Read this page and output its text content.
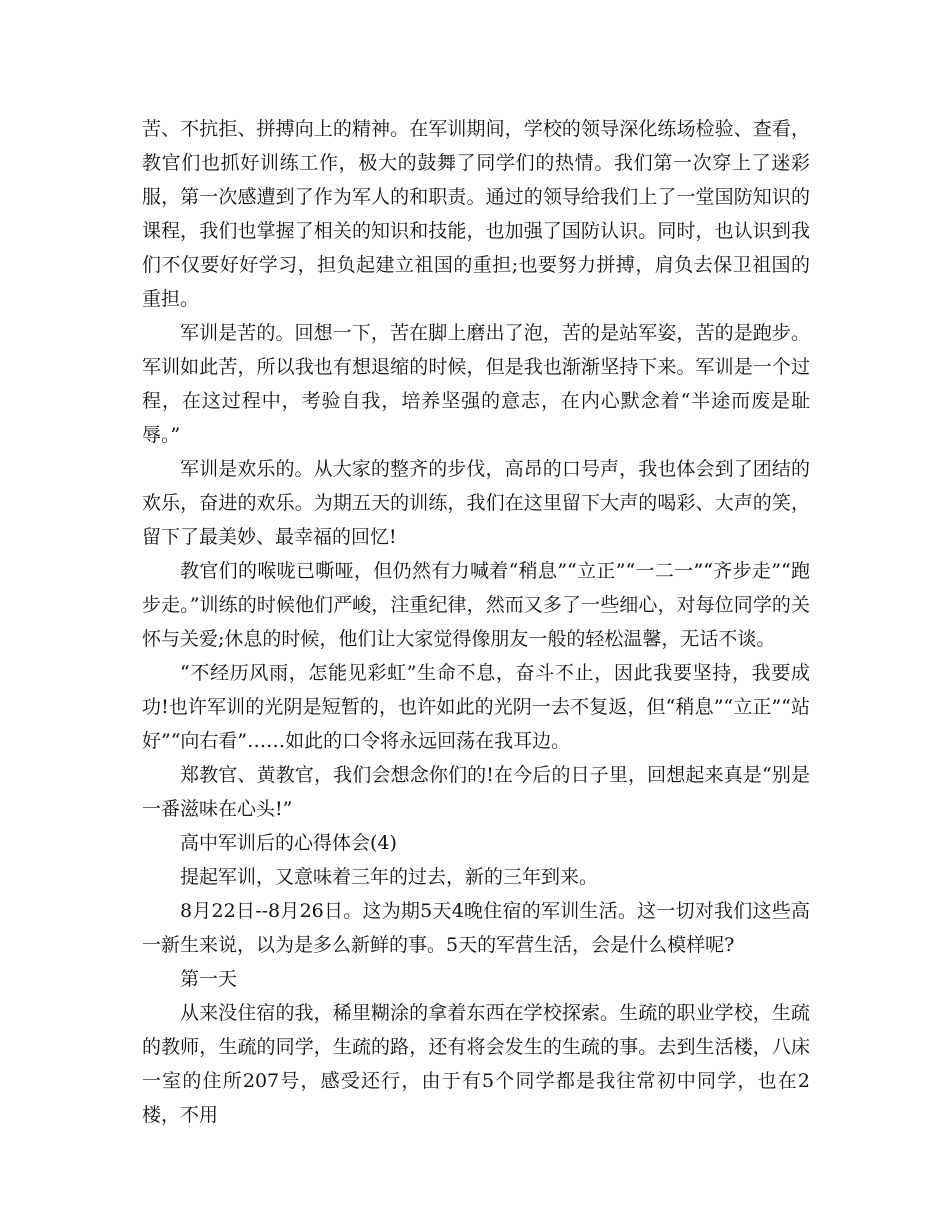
苦、不抗拒、拼搏向上的精神。在军训期间，学校的领导深化练场检验、查看，教官们也抓好训练工作，极大的鼓舞了同学们的热情。我们第一次穿上了迷彩服，第一次感遭到了作为军人的和职责。通过的领导给我们上了一堂国防知识的课程，我们也掌握了相关的知识和技能，也加强了国防认识。同时，也认识到我们不仅要好好学习，担负起建立祖国的重担;也要努力拼搏，肩负去保卫祖国的重担。

军训是苦的。回想一下，苦在脚上磨出了泡，苦的是站军姿，苦的是跑步。军训如此苦，所以我也有想退缩的时候，但是我也渐渐坚持下来。军训是一个过程，在这过程中，考验自我，培养坚强的意志，在内心默念着“半途而废是耻辱。”

军训是欢乐的。从大家的整齐的步伐，高昂的口号声，我也体会到了团结的欢乐，奋进的欢乐。为期五天的训练，我们在这里留下大声的喝彩、大声的笑，留下了最美妙、最幸福的回忆!

教官们的喉咙已嘶哑，但仍然有力喊着“稍息”“立正”“一二一”“齐步走”“跑步走。”训练的时候他们严峻，注重纪律，然而又多了一些细心，对每位同学的关怀与关爱;休息的时候，他们让大家觉得像朋友一般的轻松温馨，无话不谈。

“不经历风雨，怎能见彩虹”生命不息，奋斗不止，因此我要坚持，我要成功!也许军训的光阴是短暂的，也许如此的光阴一去不复返，但“稍息”“立正”“站好”“向右看”……如此的口令将永远回荡在我耳边。

郑教官、黄教官，我们会想念你们的!在今后的日子里，回想起来真是“别是一番滋味在心头!”

高中军训后的心得体会(4)

提起军训，又意味着三年的过去，新的三年到来。

8月22日--8月26日。这为期5天4晚住宿的军训生活。这一切对我们这些高一新生来说，以为是多么新鲜的事。5天的军营生活，会是什么模样呢?

第一天

从来没住宿的我，稀里糊涂的拿着东西在学校探索。生疏的职业学校，生疏的教师，生疏的同学，生疏的路，还有将会发生的生疏的事。去到生活楼，八床一室的住所207号，感受还行，由于有5个同学都是我往常初中同学，也在2楼，不用
